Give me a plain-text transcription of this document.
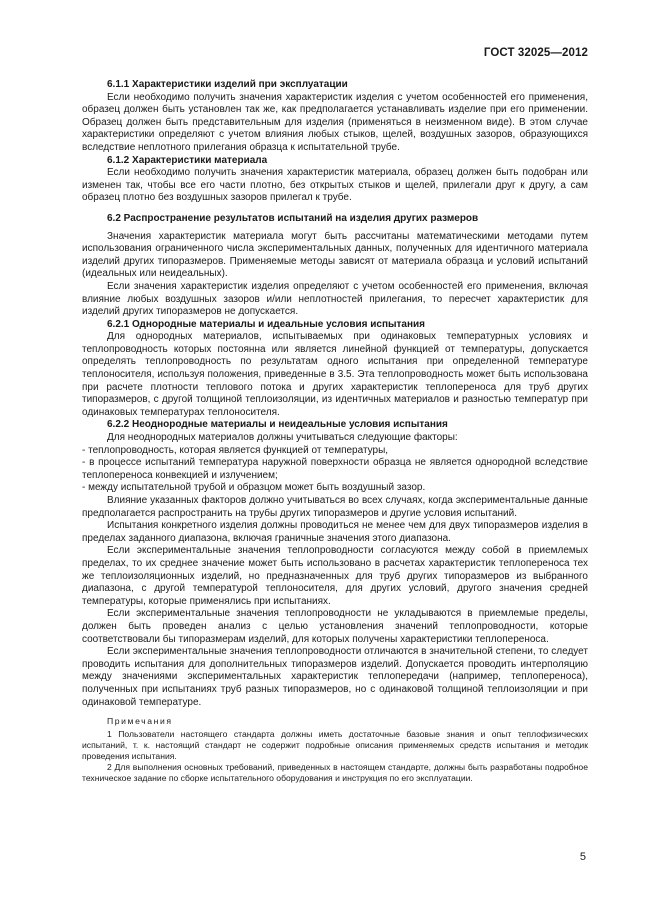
ГОСТ 32025—2012

6.1.1 Характеристики изделий при эксплуатации

Если необходимо получить значения характеристик изделия с учетом особенностей его применения, образец должен быть установлен так же, как предполагается устанавливать изделие при его применении. Образец должен быть представительным для изделия (применяться в неизменном виде). В этом случае характеристики определяют с учетом влияния любых стыков, щелей, воздушных зазоров, образующихся вследствие неплотного прилегания образца к испытательной трубе.

6.1.2 Характеристики материала

Если необходимо получить значения характеристик материала, образец должен быть подобран или изменен так, чтобы все его части плотно, без открытых стыков и щелей, прилегали друг к другу, а сам образец плотно без воздушных зазоров прилегал к трубе.

6.2 Распространение результатов испытаний на изделия других размеров

Значения характеристик материала могут быть рассчитаны математическими методами путем использования ограниченного числа экспериментальных данных, полученных для идентичного материала изделий других типоразмеров. Применяемые методы зависят от материала образца и условий испытаний (идеальных или неидеальных).

Если значения характеристик изделия определяют с учетом особенностей его применения, включая влияние любых воздушных зазоров и/или неплотностей прилегания, то пересчет характеристик для изделий других типоразмеров не допускается.

6.2.1 Однородные материалы и идеальные условия испытания

Для однородных материалов, испытываемых при одинаковых температурных условиях и теплопроводность которых постоянна или является линейной функцией от температуры, допускается определять теплопроводность по результатам одного испытания при определенной температуре теплоносителя, используя положения, приведенные в 3.5. Эта теплопроводность может быть использована при расчете плотности теплового потока и других характеристик теплопереноса для труб других типоразмеров, с другой толщиной теплоизоляции, из идентичных материалов и разностью температур при одинаковых температурах теплоносителя.

6.2.2 Неоднородные материалы и неидеальные условия испытания

Для неоднородных материалов должны учитываться следующие факторы:

- теплопроводность, которая является функцией от температуры,

- в процессе испытаний температура наружной поверхности образца не является однородной вследствие теплопереноса конвекцией и излучением;

- между испытательной трубой и образцом может быть воздушный зазор.

Влияние указанных факторов должно учитываться во всех случаях, когда экспериментальные данные предполагается распространить на трубы других типоразмеров и другие условия испытаний.

Испытания конкретного изделия должны проводиться не менее чем для двух типоразмеров изделия в пределах заданного диапазона, включая граничные значения этого диапазона.

Если экспериментальные значения теплопроводности согласуются между собой в приемлемых пределах, то их среднее значение может быть использовано в расчетах характеристик теплопереноса тех же теплоизоляционных изделий, но предназначенных для труб других типоразмеров из выбранного диапазона, с другой температурой теплоносителя, для других условий, другого значения средней температуры, которые применялись при испытаниях.

Если экспериментальные значения теплопроводности не укладываются в приемлемые пределы, должен быть проведен анализ с целью установления значений теплопроводности, которые соответствовали бы типоразмерам изделий, для которых получены характеристики теплопереноса.

Если экспериментальные значения теплопроводности отличаются в значительной степени, то следует проводить испытания для дополнительных типоразмеров изделий. Допускается проводить интерполяцию между значениями экспериментальных характеристик теплопередачи (например, теплопереноса), полученных при испытаниях труб разных типоразмеров, но с одинаковой толщиной теплоизоляции и при одинаковой температуре.

Примечания

1 Пользователи настоящего стандарта должны иметь достаточные базовые знания и опыт теплофизических испытаний, т. к. настоящий стандарт не содержит подробные описания применяемых средств испытания и методик проведения испытания.

2 Для выполнения основных требований, приведенных в настоящем стандарте, должны быть разработаны подробное техническое задание по сборке испытательного оборудования и инструкция по его эксплуатации.

5
